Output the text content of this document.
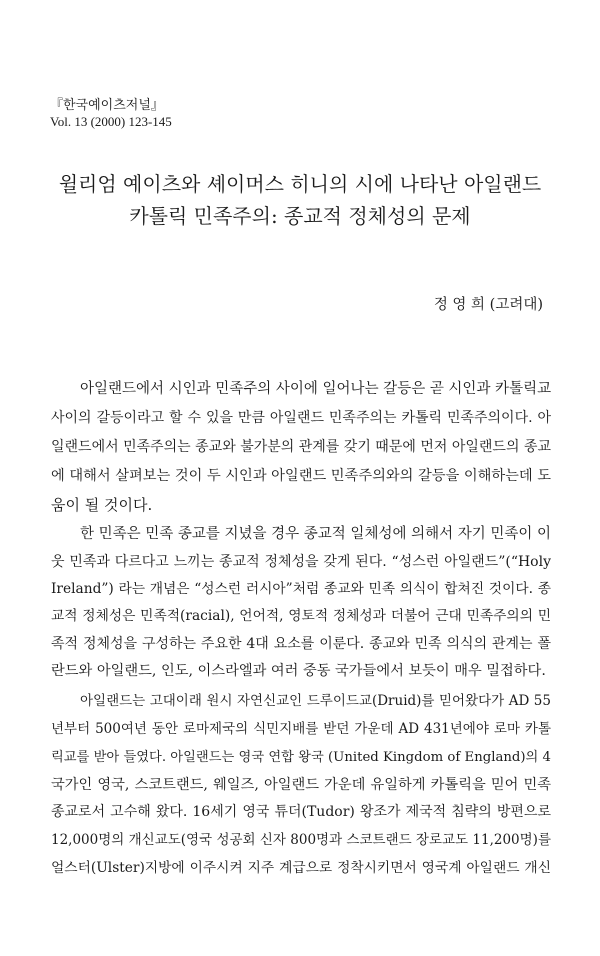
『한국예이츠저널』
Vol. 13 (2000) 123-145
윌리엄 예이츠와 셰이머스 히니의 시에 나타난 아일랜드
카톨릭 민족주의: 종교적 정체성의 문제
정 영 희 (고려대)
아일랜드에서 시인과 민족주의 사이에 일어나는 갈등은 곧 시인과 카톨릭교
사이의 갈등이라고 할 수 있을 만큼 아일랜드 민족주의는 카톨릭 민족주의이다. 아
일랜드에서 민족주의는 종교와 불가분의 관계를 갖기 때문에 먼저 아일랜드의 종교
에 대해서 살펴보는 것이 두 시인과 아일랜드 민족주의와의 갈등을 이해하는데 도
움이 될 것이다.
한 민족은 민족 종교를 지녔을 경우 종교적 일체성에 의해서 자기 민족이 이
웃 민족과 다르다고 느끼는 종교적 정체성을 갖게 된다. “성스런 아일랜드”(“Holy
Ireland”) 라는 개념은 “성스런 러시아”처럼 종교와 민족 의식이 합쳐진 것이다. 종
교적 정체성은 민족적(racial), 언어적, 영토적 정체성과 더불어 근대 민족주의의 민
족적 정체성을 구성하는 주요한 4대 요소를 이룬다. 종교와 민족 의식의 관계는 폴
란드와 아일랜드, 인도, 이스라엘과 여러 중동 국가들에서 보듯이 매우 밀접하다.
아일랜드는 고대이래 원시 자연신교인 드루이드교(Druid)를 믿어왔다가 AD 55
년부터 500여년 동안 로마제국의 식민지배를 받던 가운데 AD 431년에야 로마 카톨
릭교를 받아 들였다. 아일랜드는 영국 연합 왕국 (United Kingdom of England)의 4
국가인 영국, 스코트랜드, 웨일즈, 아일랜드 가운데 유일하게 카톨릭을 믿어 민족
종교로서 고수해 왔다. 16세기 영국 튜더(Tudor) 왕조가 제국적 침략의 방편으로
12,000명의 개신교도(영국 성공회 신자 800명과 스코트랜드 장로교도 11,200명)를
얼스터(Ulster)지방에 이주시켜 지주 계급으로 정착시키면서 영국계 아일랜드 개신
